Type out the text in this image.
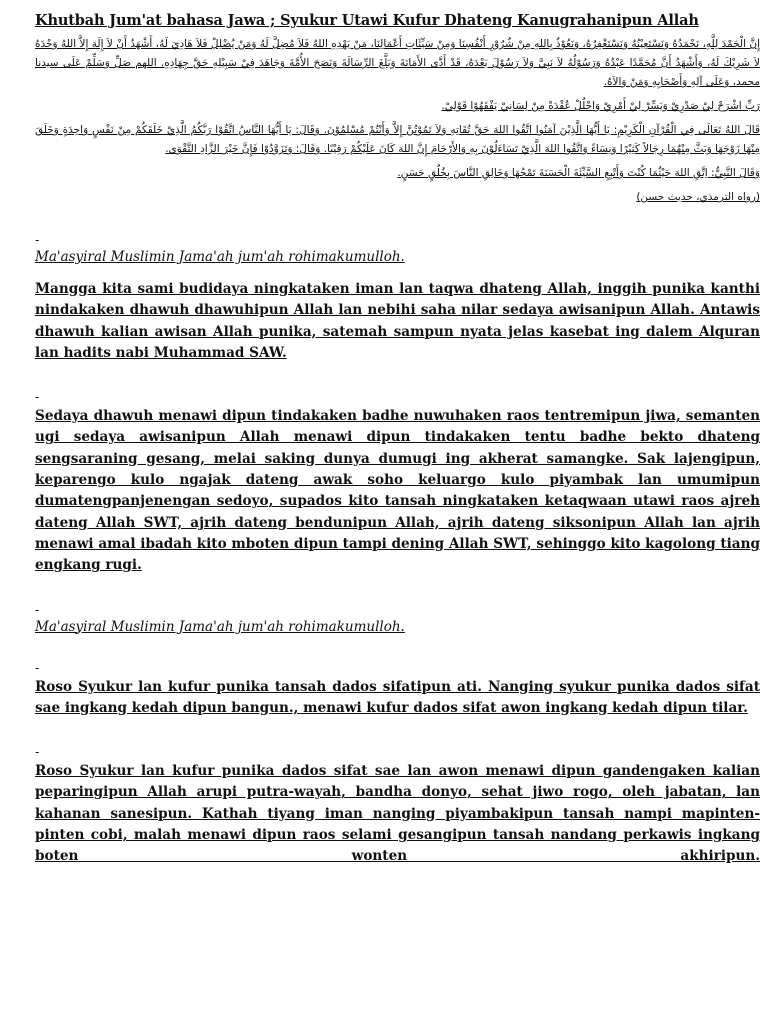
Khutbah Jum'at bahasa Jawa ; Syukur Utawi Kufur Dhateng Kanugrahanipun Allah
إِنَّ الْحَمْدَ لِلَّهِ، نَحْمَدُهُ وَنَسْتَعِيْنُهُ وَنَسْتَغْفِرُهُ، وَنَعُوْذُ بِاللهِ مِنْ شُرُوْرِ أَنْفُسِنَا وَمِنْ سَيِّئَاتِ أَعْمَالِنَا، مَنْ يَهْدِهِ اللهُ فَلاَ مُضِلَّ لَهُ وَمَنْ يُضْلِلْ فَلاَ هَادِيَ لَهُ، أَشْهَدُ أَنْ لاَ إِلَهَ إِلاَّ اللهُ وَحْدَهُ لاَ شَرِيْكَ لَهُ، وَأَشْهَدُ أَنَّ مُحَمَّدًا عَبْدُهُ وَرَسُوْلُهُ لاَ نَبِيَّ وَلاَ رَسُوْلَ بَعْدَهُ، قَدْ أَدَّى الأَمَانَةَ وَبَلَّغَ الرِّسَالَةَ وَنَصَحَ الأُمَّةَ وَجَاهَدَ فِيْ سَبِيْلِهِ حَقَّ جِهَادِهِ. اللهم صَلِّ وَسَلِّمْ عَلَى سيدنا محمد، وَعَلَى آلِهِ وَأَصْحَابِهِ وَمَنْ وَالاَهُ.
رَبِّ اشْرَحْ لِيْ صَدْرِيْ وَيَسِّرْ لِيْ أَمْرِيْ وَاحْلُلْ عُقْدَةً مِنْ لِسَانِيْ يَفْقَهُوْا قَوْلِيْ.
قَالَ اللهُ تَعَالَى فِي الْقُرْآنِ الْكَرِيْمِ: يَا أَيُّهَا الَّذِيْنَ آمَنُوا اتَّقُوا اللهَ حَقَّ تُقَاتِهِ وَلاَ تَمُوْتُنَّ إِلاَّ وَأَنْتُمْ مُسْلِمُوْنَ. وَقَالَ: يَا أَيُّهَا النَّاسُ اتَّقُوْا رَبَّكُمُ الَّذِيْ خَلَقَكُمْ مِنْ نَفْسٍ وَاحِدَةٍ وَخَلَقَ مِنْهَا زَوْجَهَا وَبَثَّ مِنْهُمَا رِجَالاً كَثِيْرًا وَنِسَاءً وَاتَّقُوا اللهَ الَّذِيْ تَسَاءَلُوْنَ بِهِ وَالأَرْحَامَ إِنَّ اللهَ كَانَ عَلَيْكُمْ رَقِيْبًا. وَقَالَ: وَتَزَوَّدُوْا فَإِنَّ خَيْرَ الزَّادِ التَّقْوَى.
وَقَالَ النَّبِيُّ: اِتَّقِ اللهَ حَيْثُمَا كُنْتَ وَأَتْبِعِ السَّيِّئَةَ الْحَسَنَةَ تَمْحُهَا وَخَالِقِ النَّاسَ بِخُلُقٍ حَسَنٍ.
(رواه الترمذي، حديث حسن)
-
Ma'asyiral Muslimin Jama'ah jum'ah rohimakumulloh.

Mangga kita sami budidaya ningkataken iman lan taqwa dhateng Allah, inggih punika kanthi nindakaken dhawuh dhawuhipun Allah lan nebihi saha nilar sedaya awisanipun Allah. Antawis dhawuh kalian awisan Allah punika, satemah sampun nyata jelas kasebat ing dalem Alquran lan hadits nabi Muhammad SAW.

-

Sedaya dhawuh menawi dipun tindakaken badhe nuwuhaken raos tentremipun jiwa, semanten ugi sedaya awisanipun Allah menawi dipun tindakaken tentu badhe bekto dhateng sengsaraning gesang, melai saking dunya dumugi ing akherat samangke. Sak lajengipun, keparengo kulo ngajak dateng awak soho keluargo kulo piyambak lan umumipun dumatengpanjenengan sedoyo, supados kito tansah ningkataken ketaqwaan utawi raos ajreh dateng Allah SWT, ajrih dateng bendunipun Allah, ajrih dateng siksonipun Allah lan ajrih menawi amal ibadah kito mboten dipun tampi dening Allah SWT, sehinggo kito kagolong tiang engkang rugi.

-
Ma'asyiral Muslimin Jama'ah jum'ah rohimakumulloh.
-

Roso Syukur lan kufur punika tansah dados sifatipun ati. Nanging syukur punika dados sifat sae ingkang kedah dipun bangun., menawi kufur dados sifat awon ingkang kedah dipun tilar.

-

Roso Syukur lan kufur punika dados sifat sae lan awon menawi dipun gandengaken kalian peparingipun Allah arupi putra-wayah, bandha donyo, sehat jiwo rogo, oleh jabatan, lan kahanan sanesipun. Kathah tiyang iman nanging piyambakipun tansah nampi mapinten-pinten cobi, malah menawi dipun raos selami gesangipun tansah nandang perkawis ingkang boten wonten akhiripun.
